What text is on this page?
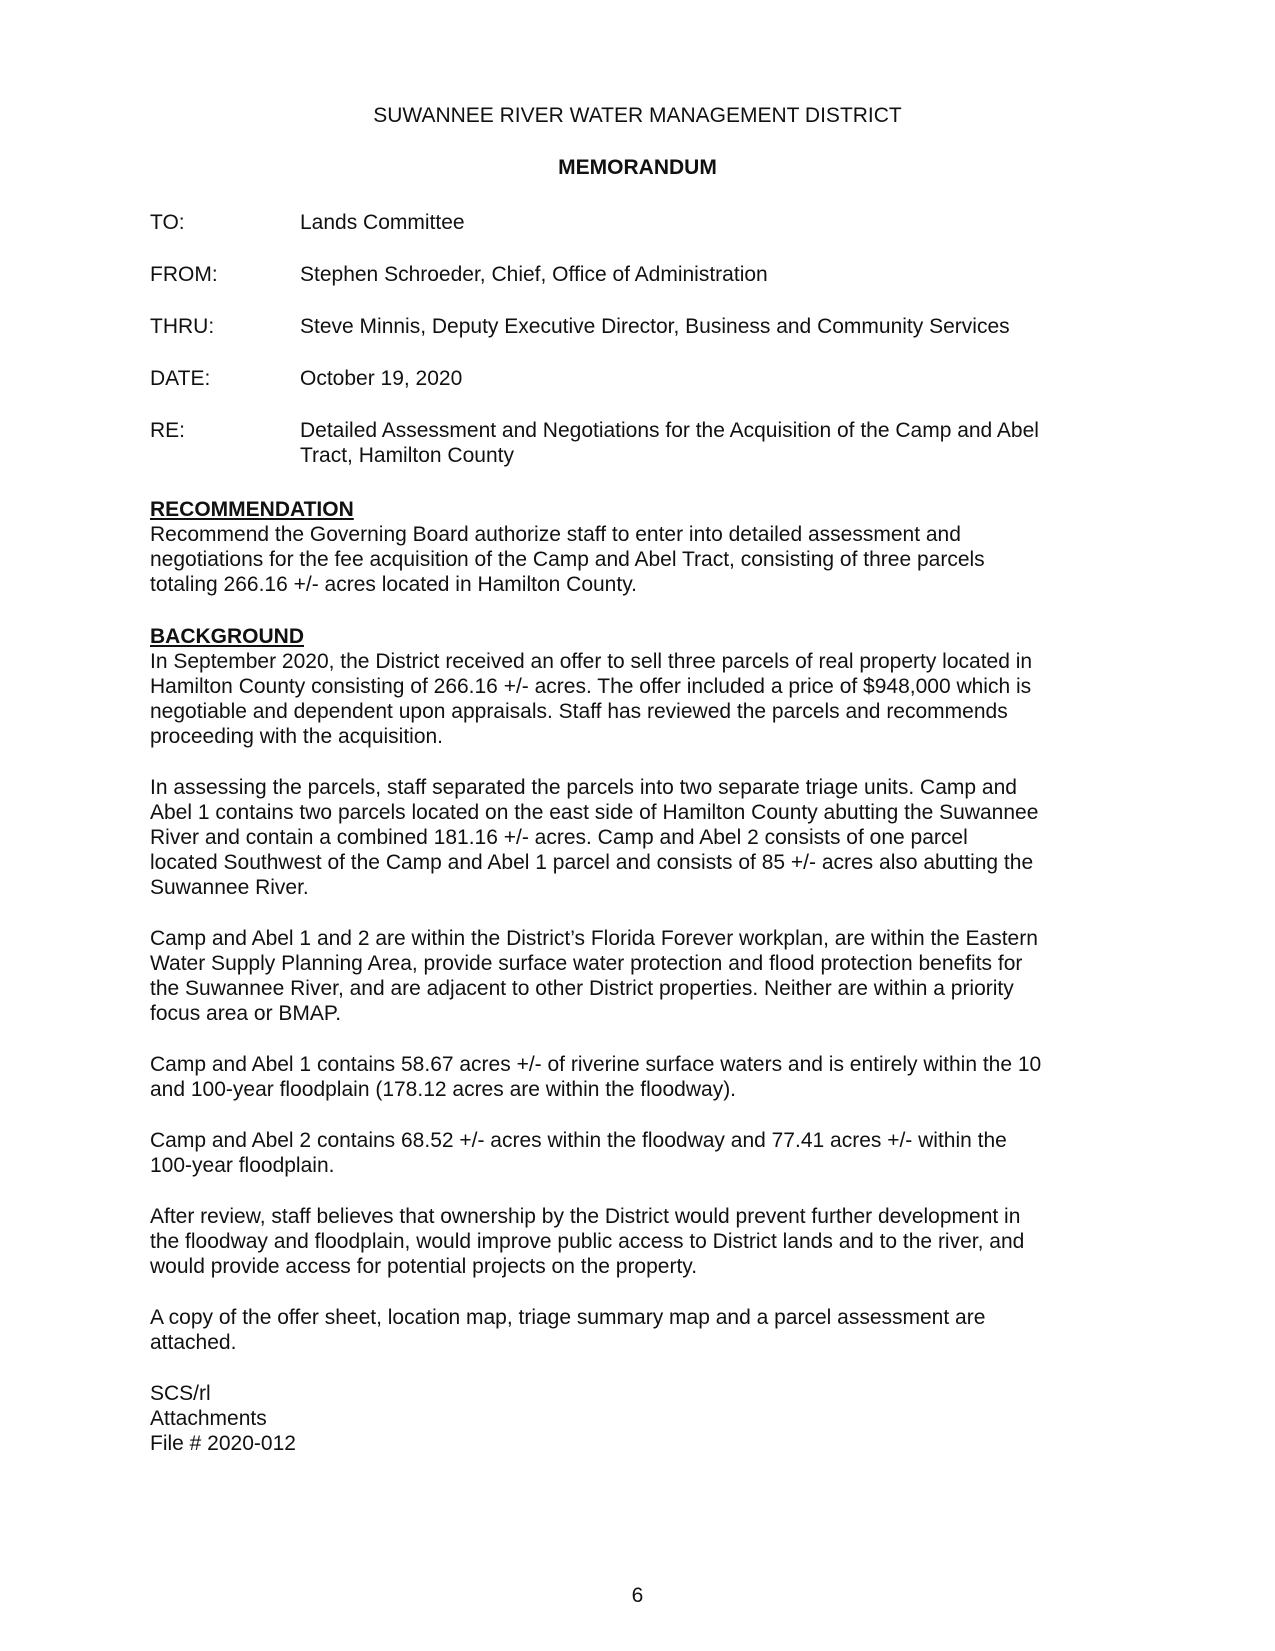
SUWANNEE RIVER WATER MANAGEMENT DISTRICT
MEMORANDUM
TO:	Lands Committee
FROM:	Stephen Schroeder, Chief, Office of Administration
THRU:	Steve Minnis, Deputy Executive Director, Business and Community Services
DATE:	October 19, 2020
RE:	Detailed Assessment and Negotiations for the Acquisition of the Camp and Abel
Tract, Hamilton County

RECOMMENDATION

Recommend the Governing Board authorize staff to enter into detailed assessment and
negotiations for the fee acquisition of the Camp and Abel Tract, consisting of three parcels
totaling 266.16 +/- acres located in Hamilton County.

BACKGROUND

In September 2020, the District received an offer to sell three parcels of real property located in
Hamilton County consisting of 266.16 +/- acres. The offer included a price of $948,000 which is
negotiable and dependent upon appraisals. Staff has reviewed the parcels and recommends
proceeding with the acquisition.

In assessing the parcels, staff separated the parcels into two separate triage units. Camp and
Abel 1 contains two parcels located on the east side of Hamilton County abutting the Suwannee
River and contain a combined 181.16 +/- acres. Camp and Abel 2 consists of one parcel
located Southwest of the Camp and Abel 1 parcel and consists of 85 +/- acres also abutting the
Suwannee River.

Camp and Abel 1 and 2 are within the District’s Florida Forever workplan, are within the Eastern
Water Supply Planning Area, provide surface water protection and flood protection benefits for
the Suwannee River, and are adjacent to other District properties. Neither are within a priority
focus area or BMAP.

Camp and Abel 1 contains 58.67 acres +/- of riverine surface waters and is entirely within the 10
and 100-year floodplain (178.12 acres are within the floodway).

Camp and Abel 2 contains 68.52 +/- acres within the floodway and 77.41 acres +/- within the
100-year floodplain.

After review, staff believes that ownership by the District would prevent further development in
the floodway and floodplain, would improve public access to District lands and to the river, and
would provide access for potential projects on the property.

A copy of the offer sheet, location map, triage summary map and a parcel assessment are
attached.

SCS/rl
Attachments
File # 2020-012

6
